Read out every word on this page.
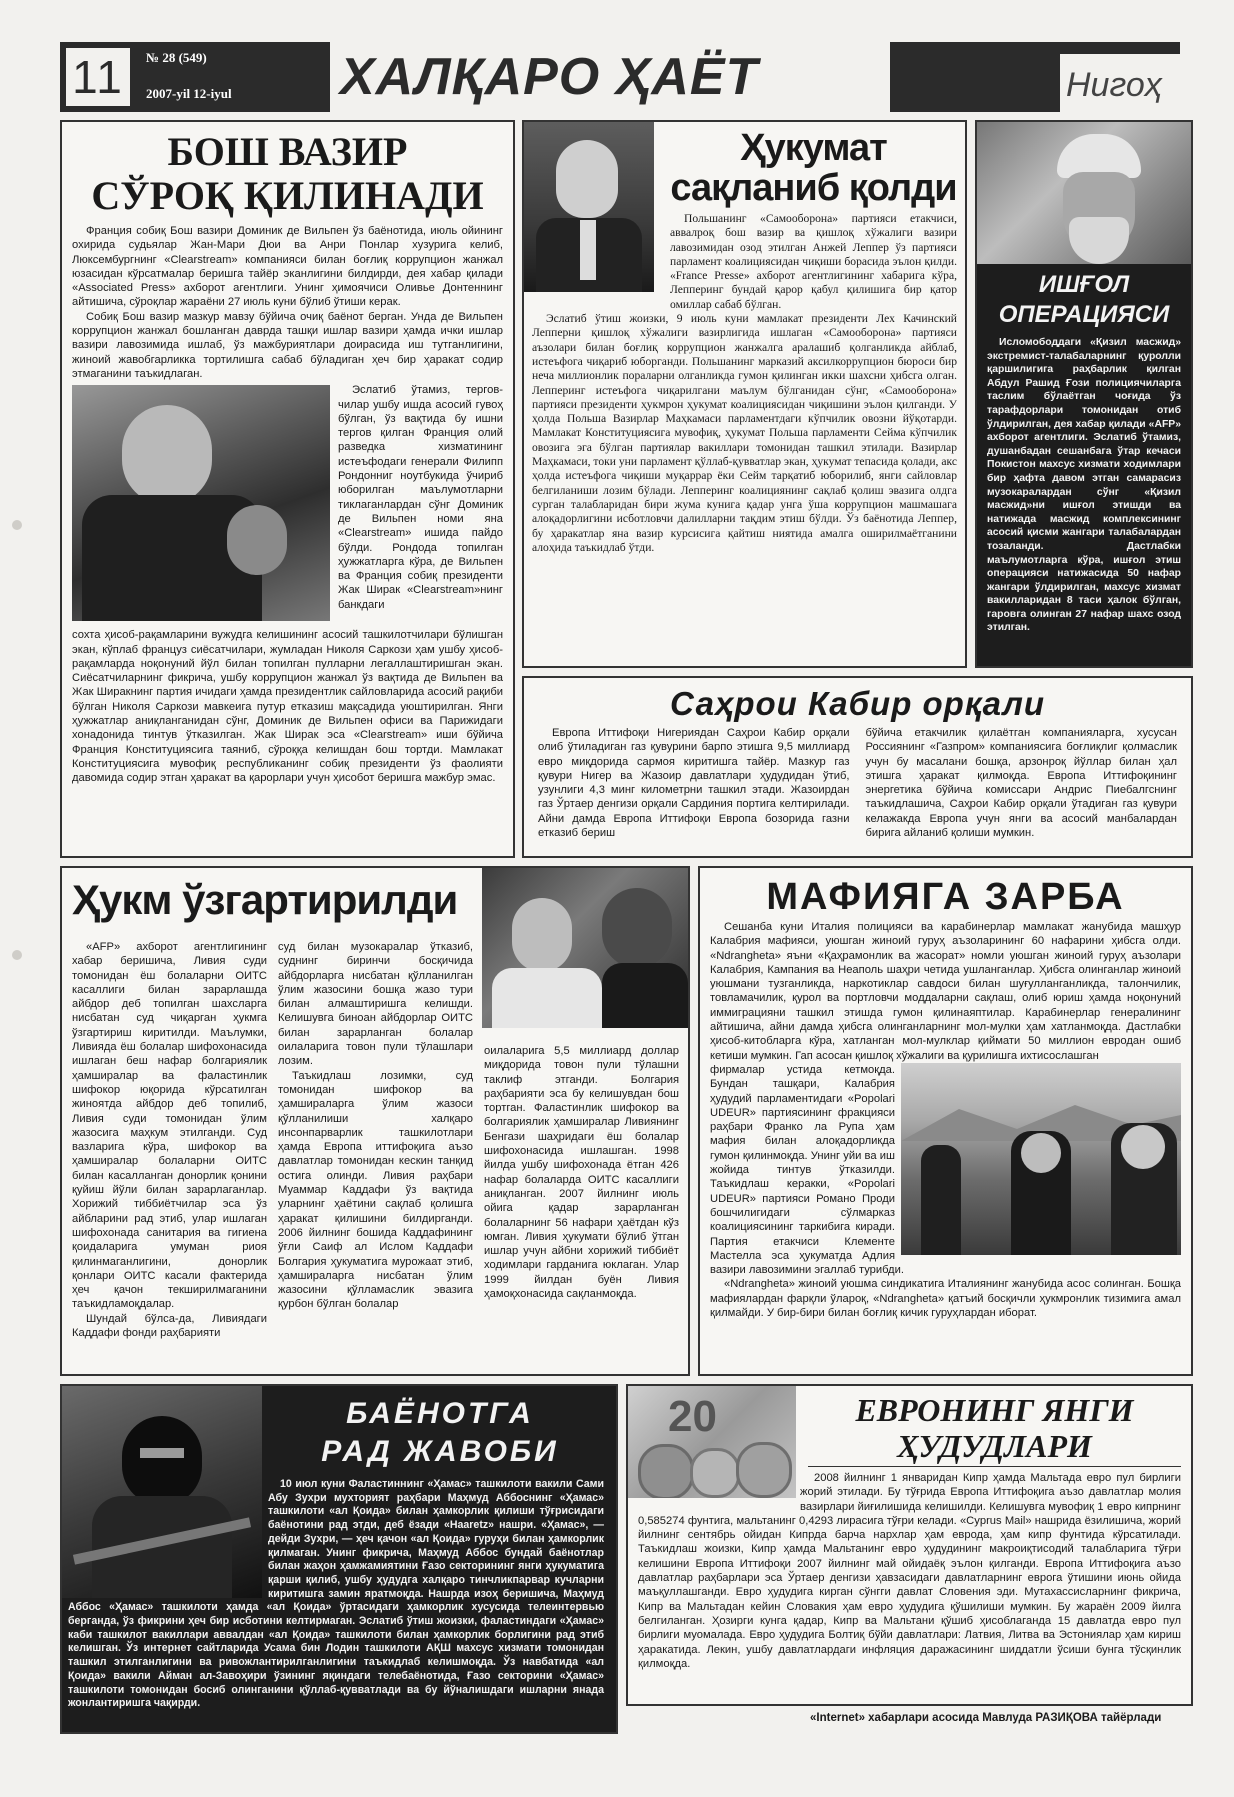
11	№ 28 (549)
2007-yil 12-iyul ХАЛҚАРО ҲАЁТ	Нигоҳ
БОШ ВАЗИР
СЎРОҚ ҚИЛИНАДИ

Франция собиқ Бош вазири Доминик де Вильпен ўз баёнотида, июль ойининг охирида судьялар Жан-Мари Дюи ва Анри Понлар хузурига келиб, Люксембургнинг «Clearstream» компанияси билан боғлиқ коррупцион жанжал юзасидан кўрсатмалар беришга тайёр эканлигини билдирди, дея хабар қилади «Associated Press» ахборот агентлиги. Унинг ҳимоячиси Оливье Донтеннинг айтишича, сўроқлар жараёни 27 июль куни бўлиб ўтиши керак.

Собиқ Бош вазир мазкур мавзу бўйича очиқ баёнот берган. Унда де Вильпен коррупцион жанжал бошланган даврда ташқи ишлар вазири ҳамда ички ишлар вазири лавозимида ишлаб, ўз мажбуриятлари доирасида иш тутганлигини, жиноий жавобгарликка тортилишга сабаб бўладиган ҳеч бир ҳаракат содир этмаганини таъкидлаган.

Эслатиб ўтамиз, тергов-чилар ушбу ишда асосий гувоҳ бўлган, ўз вақтида бу ишни тергов қилган Франция олий разведка хизматининг истеъфодаги генерали Филипп Рондонниг ноутбукида ўчириб юборилган маълумотларни тиклаганлардан сўнг Доминик де Вильпен номи яна «Clearstream» ишида пайдо бўлди. Рондода топилган ҳужжатларга кўра, де Вильпен ва Франция собиқ президенти Жак Ширак «Clearstream»нинг банкдаги

сохта ҳисоб-рақамларини вужудга келишининг асосий ташкилотчилари бўлишган экан, кўплаб француз сиёсатчилари, жумладан Николя Саркози ҳам ушбу ҳисоб-рақамларда ноқонуний йўл билан топилган пулларни легаллаштиришган экан. Сиёсатчиларнинг фикрича, ушбу коррупцион жанжал ўз вақтида де Вильпен ва Жак Ширакнинг партия ичидаги ҳамда президентлик сайловларида асосий рақиби бўлган Николя Саркози мавкеига путур етказиш мақсадида уюштирилган. Янги ҳужжатлар аниқланганидан сўнг, Доминик де Вильпен офиси ва Парижидаги хонадонида тинтув ўтказилган. Жак Ширак эса «Clearstream» иши бўйича Франция Конституциясига таяниб, сўроққа келишдан бош тортди. Мамлакат Конституциясига мувофиқ республиканинг собиқ президенти ўз фаолияти давомида содир этган ҳаракат ва қарорлари учун ҳисобот беришга мажбур эмас.

Ҳукумат
сақланиб қолди

Польшанинг «Самооборона» партияси етакчиси, аввалроқ бош вазир ва қишлоқ хўжалиги вазири лавозимидан озод этилган Анжей Леппер ўз партияси парламент коалициясидан чиқиши борасида эълон қилди. «France Presse» ахборот агентлигининг хабарига кўра, Лепперинг бундай қарор қабул қилишига бир қатор омиллар сабаб бўлган.

Эслатиб ўтиш жоизки, 9 июль куни мамлакат президенти Лех Качинский Лепперни қишлоқ хўжалиги вазирлигида ишлаган «Самооборона» партияси аъзолари билан боғлиқ коррупцион жанжалга аралашиб қолганликда айблаб, истеъфога чиқариб юборганди. Польшанинг марказий аксилкоррупцион бюроси бир неча миллионлик пораларни олганликда гумон қилинган икки шахсни ҳибсга олган. Лепперинг истеъфога чиқарилгани маълум бўлганидан сўнг, «Самооборона» партияси президенти ҳукмрон ҳукумат коалициясидан чиқишини эълон қилганди. У ҳолда Польша Вазирлар Маҳкамаси парламентдаги кўпчилик овозни йўқотарди. Мамлакат Конституциясига мувофиқ, ҳукумат Польша парламенти Сейма кўпчилик овозига эга бўлган партиялар вакиллари томонидан ташкил этилади. Вазирлар Маҳкамаси, токи уни парламент қўллаб-қувватлар экан, ҳукумат тепасида қолади, акс ҳолда истеъфога чиқиши муқаррар ёки Сейм тарқатиб юборилиб, янги сайловлар белгиланиши лозим бўлади. Лепперинг коалициянинг сақлаб қолиш эвазига олдга сурган талабларидан бири жума кунига қадар унга ўша коррупцион машмашага алоқадорлигини исботловчи далилларни тақдим этиш бўлди. Ўз баёнотида Леппер, бу ҳаракатлар яна вазир курсисига қайтиш ниятида амалга оширилмаётганини алоҳида таъкидлаб ўтди.

ИШҒОЛ
ОПЕРАЦИЯСИ

Исломободдаги «Қизил масжид» экстремист-талабаларнинг қуролли қаршилигига раҳбарлик қилган Абдул Рашид Ғози полициячиларга таслим бўлаётган чоғида ўз тарафдорлари томонидан отиб ўлдирилган, дея хабар қилади «AFP» ахборот агентлиги. Эслатиб ўтамиз, душанбадан сешанбага ўтар кечаси Покистон махсус хизмати ходимлари бир ҳафта давом этган самарасиз музокаралардан сўнг «Қизил масжид»ни ишғол этишди ва натижада масжид комплексининг асосий қисми жангари талабалардан тозаланди. Дастлабки маълумотларга кўра, ишғол этиш операцияси натижасида 50 нафар жангари ўлдирилган, махсус хизмат вакилларидан 8 таси ҳалок бўлган, гаровга олинган 27 нафар шахс озод этилган.

Саҳрои Кабир орқали

Европа Иттифоқи Нигериядан Саҳрои Кабир орқали олиб ўтиладиган газ қувурини барпо этишга 9,5 миллиард евро миқдорида сармоя киритишга тайёр. Мазкур газ қувури Нигер ва Жазоир давлатлари ҳудудидан ўтиб, узунлиги 4,3 минг километрни ташкил этади. Жазоирдан газ Ўртаер денгизи орқали Сардиния портига келтирилади. Айни дамда Европа Иттифоқи Европа бозорида газни етказиб бериш

бўйича етакчилик қилаётган компанияларга, хусусан Россиянинг «Газпром» компаниясига боғлиқлиг қолмаслик учун бу масалани бошқа, арзонроқ йўллар билан ҳал этишга ҳаракат қилмоқда. Европа Иттифоқининг энергетика бўйича комиссари Андрис Пиебалгснинг таъкидлашича, Саҳрои Кабир орқали ўтадиган газ қувури келажакда Европа учун янги ва асосий манбалардан бирига айланиб қолиши мумкин.

Ҳукм ўзгартирилди

«AFP» ахборот агентлигининг хабар беришича, Ливия суди томонидан ёш болаларни ОИТС касаллиги билан зарарлашда айбдор деб топилган шахсларга нисбатан суд чиқарган ҳукмга ўзгартириш киритилди. Маълумки, Ливияда ёш болалар шифохонасида ишлаган беш нафар болгариялик ҳамширалар ва фаластинлик шифокор юқорида кўрсатилган жиноятда айбдор деб топилиб, Ливия суди томонидан ўлим жазосига маҳкум этилганди. Суд вазларига кўра, шифокор ва ҳамширалар болаларни ОИТС билан касалланган донорлик қонини қуйиш йўли билан зарарлаганлар. Хорижий тиббиётчилар эса ўз айбларини рад этиб, улар ишлаган шифохонада санитария ва гигиена қоидаларига умуман риоя қилинмаганлигини, донорлик қонлари ОИТС касали фактерида ҳеч қачон текширилмаганини таъкидламоқдалар.

Шундай бўлса-да, Ливиядаги Каддафи фонди раҳбарияти

суд билан музокаралар ўтказиб, суднинг биринчи босқичида айбдорларга нисбатан қўлланилган ўлим жазосини бошқа жазо тури билан алмаштиришга келишди. Келишувга биноан айбдорлар ОИТС билан зарарланган болалар оилаларига товон пули тўлашлари лозим.

Таъкидлаш лозимки, суд томонидан шифокор ва ҳамшираларга ўлим жазоси қўлланилиши халқаро инсонпарварлик ташкилотлари ҳамда Европа иттифоқига аъзо давлатлар томонидан кескин танқид остига олинди. Ливия раҳбари Муаммар Каддафи ўз вақтида уларнинг ҳаётини сақлаб қолишга ҳаракат қилишини билдирганди. 2006 йилнинг бошида Каддафининг ўғли Саиф ал Ислом Каддафи Болгария ҳукуматига мурожаат этиб, ҳамшираларга нисбатан ўлим жазосини қўлламаслик эвазига қурбон бўлган болалар

оилаларига 5,5 миллиард доллар миқдорида товон пули тўлашни таклиф этганди. Болгария раҳбарияти эса бу келишувдан бош тортган. Фаластинлик шифокор ва болгариялик ҳамширалар Ливиянинг Бенгази шаҳридаги ёш болалар шифохонасида ишлашган. 1998 йилда ушбу шифохонада ётган 426 нафар болаларда ОИТС касаллиги аниқланган. 2007 йилнинг июль ойига қадар зарарланган болаларнинг 56 нафари ҳаётдан кўз юмган. Ливия ҳукумати бўлиб ўтган ишлар учун айбни хорижий тиббиёт ходимлари гарданига юклаган. Улар 1999 йилдан буён Ливия ҳамоқхонасида сақланмоқда.

МАФИЯГА ЗАРБА

Сешанба куни Италия полицияси ва карабинерлар мамлакат жанубида машҳур Калабрия мафияси, уюшган жиноий гуруҳ аъзоларининг 60 нафарини ҳибсга олди. «Ndrangheta» яъни «Қаҳрамонлик ва жасорат» номли уюшган жиноий гуруҳ аъзолари Калабрия, Кампания ва Неаполь шаҳри четида ушланганлар. Ҳибсга олинганлар жиноий уюшмани тузганликда, наркотиклар савдоси билан шуғулланганликда, талончилик, товламачилик, қурол ва портловчи моддаларни сақлаш, олиб юриш ҳамда ноқонуний иммиграцияни ташкил этишда гумон қилинаяптилар. Карабинерлар генералининг айтишича, айни дамда ҳибсга олинганларнинг мол-мулки ҳам хатланмоқда. Дастлабки ҳисоб-китобларга кўра, хатланган мол-мулклар қиймати 50 миллион евродан ошиб кетиши мумкин. Гап асосан қишлоқ хўжалиги ва қурилишга ихтисослашган

фирмалар устида кетмоқда. Бундан ташқари, Калабрия ҳудудий парламентидаги «Popolari UDEUR» партиясининг фракцияси раҳбари Франко ла Рупа ҳам мафия билан алоқадорликда гумон қилинмоқда. Унинг уйи ва иш жойида тинтув ўтказилди. Таъкидлаш керакки, «Popolari UDEUR» партияси Романо Проди бошчилигидаги сўлмарказ коалициясининг таркибига киради. Партия етакчиси Клементе Мастелла эса ҳукуматда Адлия вазири лавозимини эгаллаб турибди.

«Ndrangheta» жиноий уюшма синдикатига Италиянинг жанубида асос солинган. Бошқа мафиялардан фарқли ўлароқ, «Ndrangheta» қатъий босқичли ҳукмронлик тизимига амал қилмайди. У бир-бири билан боғлиқ кичик гуруҳлардан иборат.

БАЁНОТГА
РАД ЖАВОБИ

10 июл куни Фаластиннинг «Ҳамас» ташкилоти вакили Сами Абу Зухри мухторият раҳбари Маҳмуд Аббоснинг «Ҳамас» ташкилоти «ал Қоида» билан ҳамкорлик қилиши тўғрисидаги баёнотини рад этди, деб ёзади «Haaretz» нашри. «Ҳамас», — дейди Зухри, — ҳеч қачон «ал Қоида» гуруҳи билан ҳамкорлик қилмаган. Унинг фикрича, Маҳмуд Аббос бундай баёнотлар билан жаҳон ҳамжамиятини Ғазо секторининг янги ҳукуматига қарши қилиб, ушбу ҳудудга халқаро тинчликпарвар кучларни киритишга замин яратмоқда. Нашрда изоҳ беришича, Маҳмуд Аббос «Ҳамас» ташкилоти ҳамда «ал Қоида» ўртасидаги ҳамкорлик хусусида телеинтервью берганда, ўз фикрини ҳеч бир исботини келтирмаган. Эслатиб ўтиш жоизки, фаластиндаги «Ҳамас» каби ташкилот вакиллари аввалдан «ал Қоида» ташкилоти билан ҳамкорлик борлигини рад этиб келишган. Ўз интернет сайтларида Усама бин Лодин ташкилоти АҚШ махсус хизмати томонидан ташкил этилганлигини ва ривожлантирилганлигини таъкидлаб келишмоқда. Ўз навбатида «ал Қоида» вакили Айман ал-Завоҳири ўзининг яқиндаги телебаёнотида, Ғазо секторини «Ҳамас» ташкилоти томонидан босиб олинганини қўллаб-қувватлади ва бу йўналишдаги ишларни янада жонлантиришга чақирди.

20	ЕВРОНИНГ ЯНГИ
ҲУДУДЛАРИ

2008 йилнинг 1 январидан Кипр ҳамда Мальтада евро пул бирлиги жорий этилади. Бу тўғрида Европа Иттифоқига аъзо давлатлар молия вазирлари йиғилишида келишилди. Келишувга мувофиқ 1 евро кипрнинг 0,585274 фунтига, мальтанинг 0,4293 лирасига тўғри келади. «Cyprus Mail» нашрида ёзилишича, жорий йилнинг сентябрь ойидан Кипрда барча нархлар ҳам еврода, ҳам кипр фунтида кўрсатилади. Таъкидлаш жоизки, Кипр ҳамда Мальтанинг евро ҳудудининг макроиқтисодий талабларига тўғри келишини Европа Иттифоқи 2007 йилнинг май ойидаёқ эълон қилганди. Европа Иттифоқига аъзо давлатлар раҳбарлари эса Ўртаер денгизи ҳавзасидаги давлатларнинг еврога ўтишини июнь ойида маъқуллашганди. Евро ҳудудига кирган сўнгги давлат Словения эди. Мутахассисларнинг фикрича, Кипр ва Мальтадан кейин Словакия ҳам евро ҳудудига қўшилиши мумкин. Бу жараён 2009 йилга белгиланган. Ҳозирги кунга қадар, Кипр ва Мальтани қўшиб ҳисоблаганда 15 давлатда евро пул бирлиги муомалада. Евро ҳудудига Болтиқ бўйи давлатлари: Латвия, Литва ва Эстониялар ҳам кириш ҳаракатида. Лекин, ушбу давлатлардаги инфляция даражасининг шиддатли ўсиши бунга тўсқинлик қилмоқда.

«Internet» хабарлари асосида Мавлуда РАЗИҚОВА тайёрлади
